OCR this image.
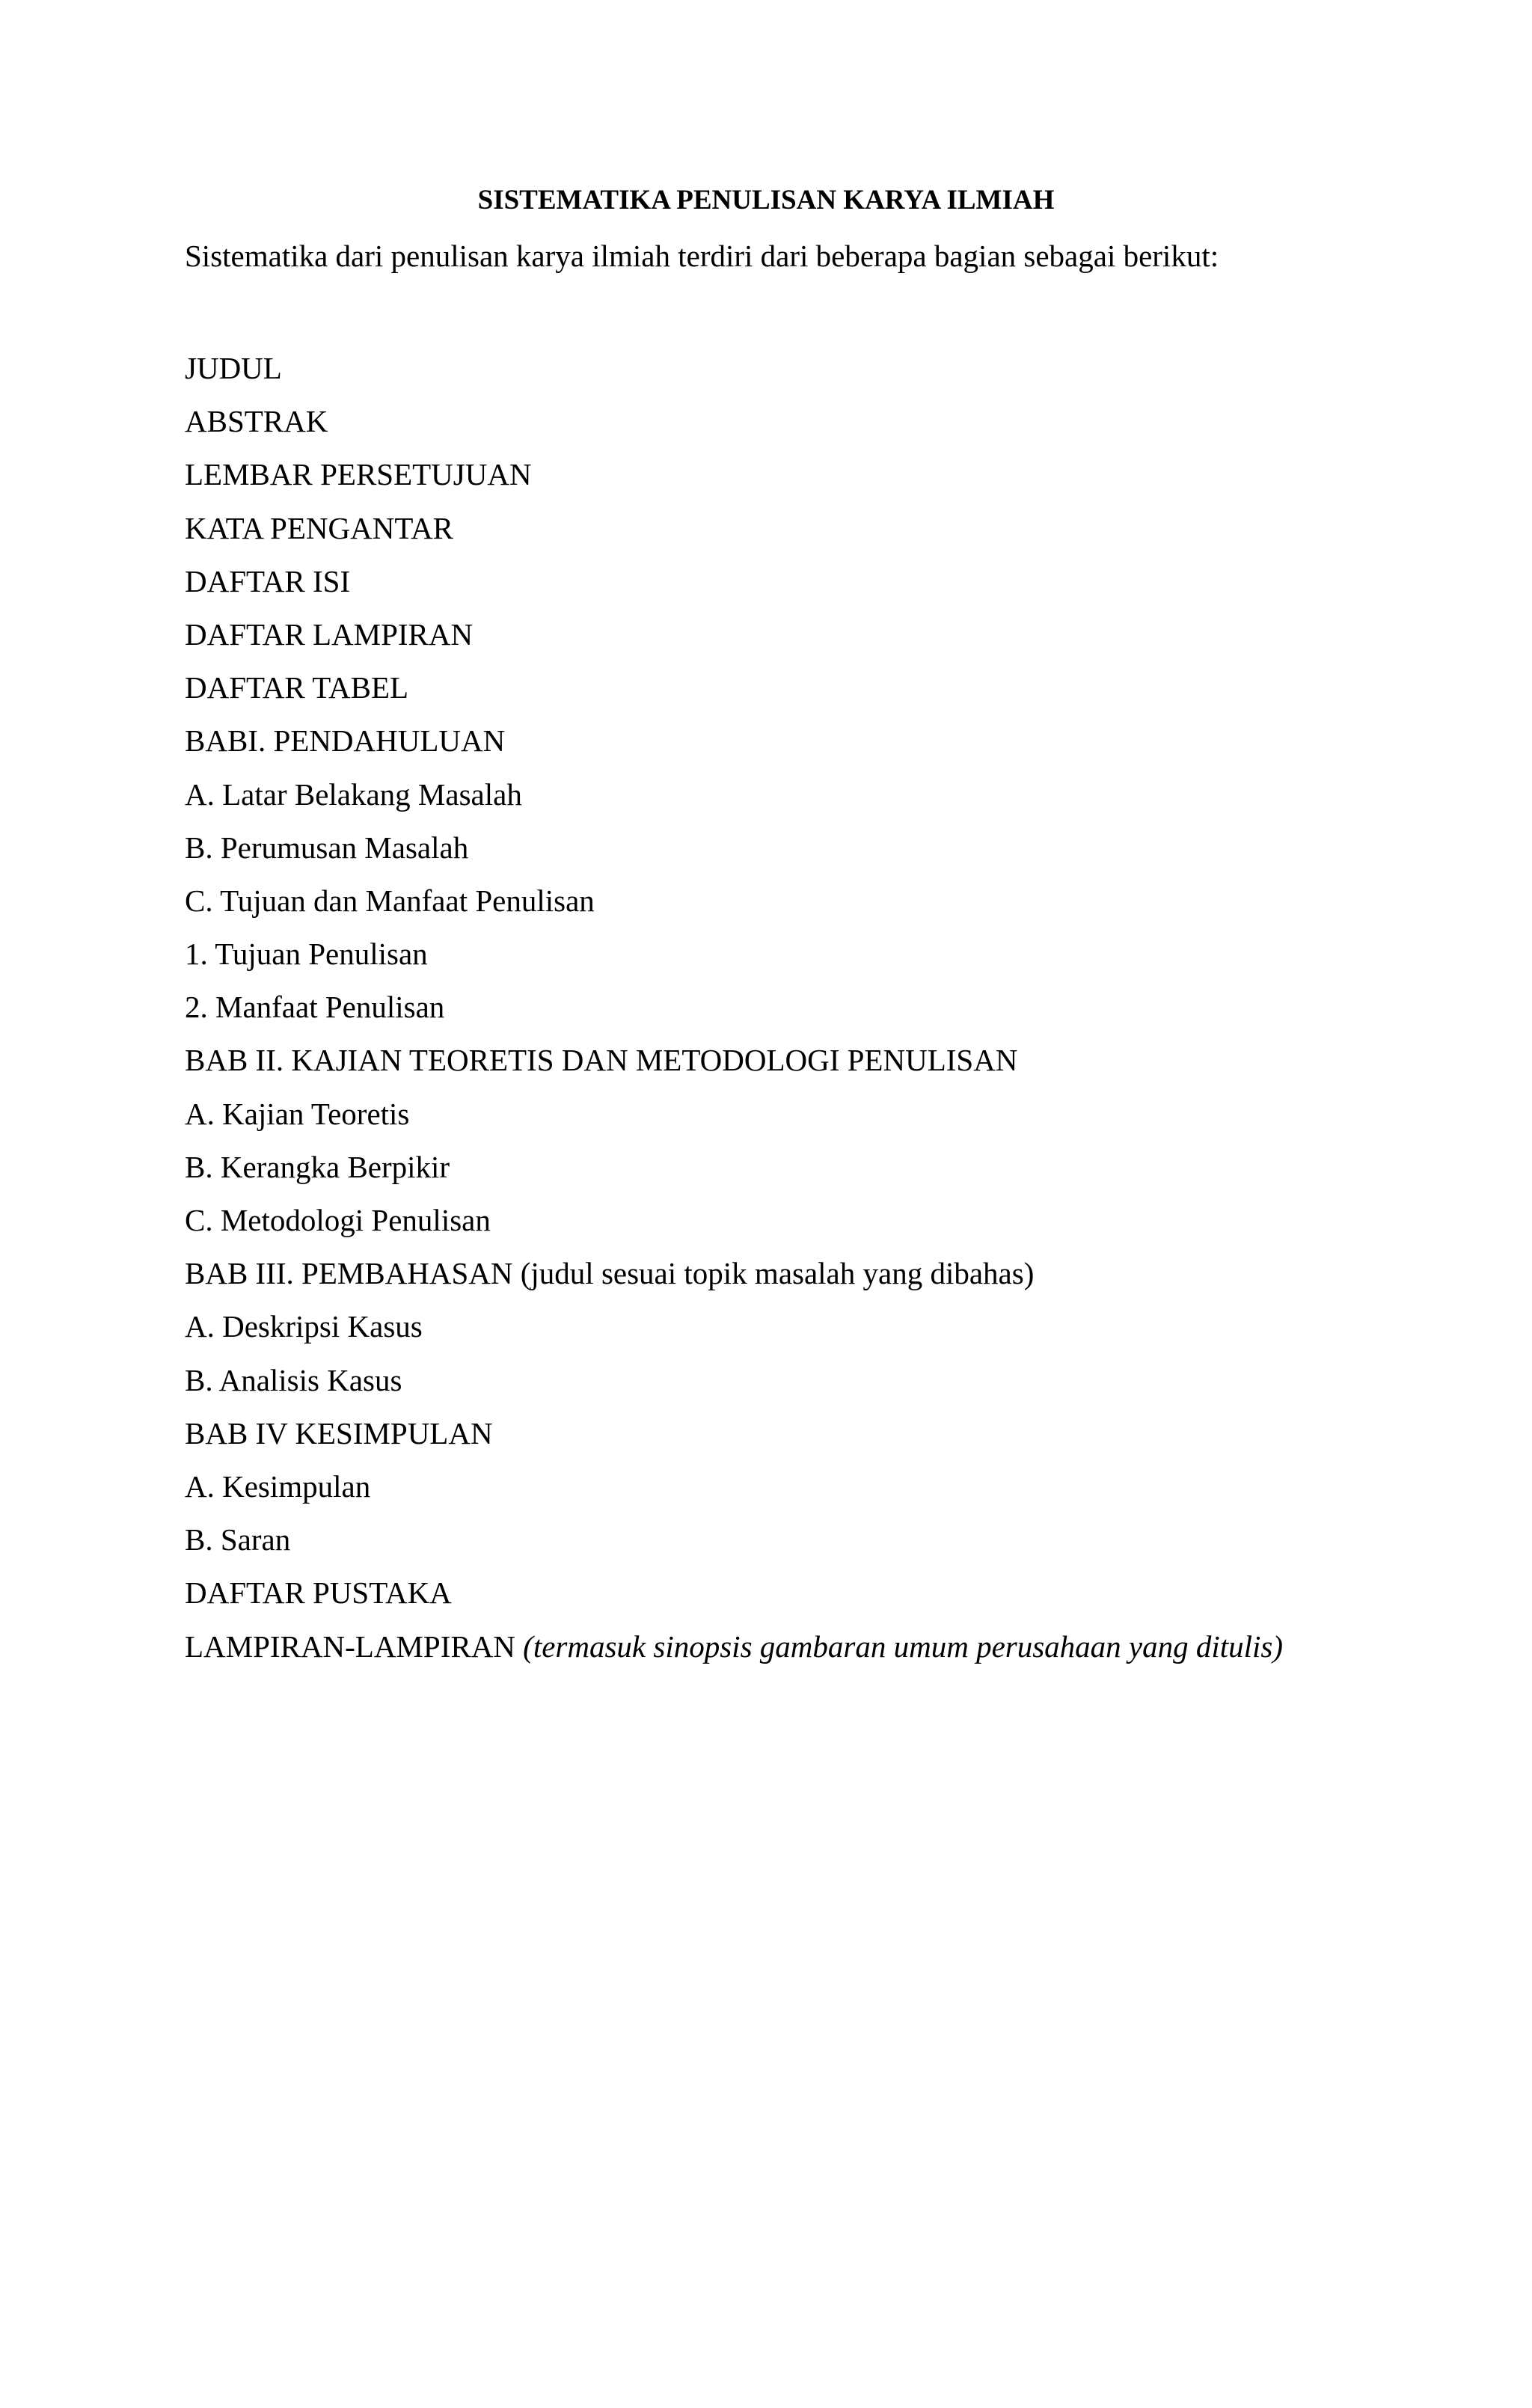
SISTEMATIKA PENULISAN KARYA ILMIAH

Sistematika dari penulisan karya ilmiah terdiri dari beberapa bagian sebagai berikut:

JUDUL
ABSTRAK
LEMBAR PERSETUJUAN
KATA PENGANTAR
DAFTAR ISI
DAFTAR LAMPIRAN
DAFTAR TABEL
BABI. PENDAHULUAN
A. Latar Belakang Masalah
B. Perumusan Masalah
C. Tujuan dan Manfaat Penulisan
1. Tujuan Penulisan
2. Manfaat Penulisan
BAB II. KAJIAN TEORETIS DAN METODOLOGI PENULISAN
A. Kajian Teoretis
B. Kerangka Berpikir
C. Metodologi Penulisan
BAB III. PEMBAHASAN (judul sesuai topik masalah yang dibahas)
A. Deskripsi Kasus
B. Analisis Kasus
BAB IV KESIMPULAN
A. Kesimpulan
B. Saran
DAFTAR PUSTAKA
LAMPIRAN-LAMPIRAN (termasuk sinopsis gambaran umum perusahaan yang ditulis)
